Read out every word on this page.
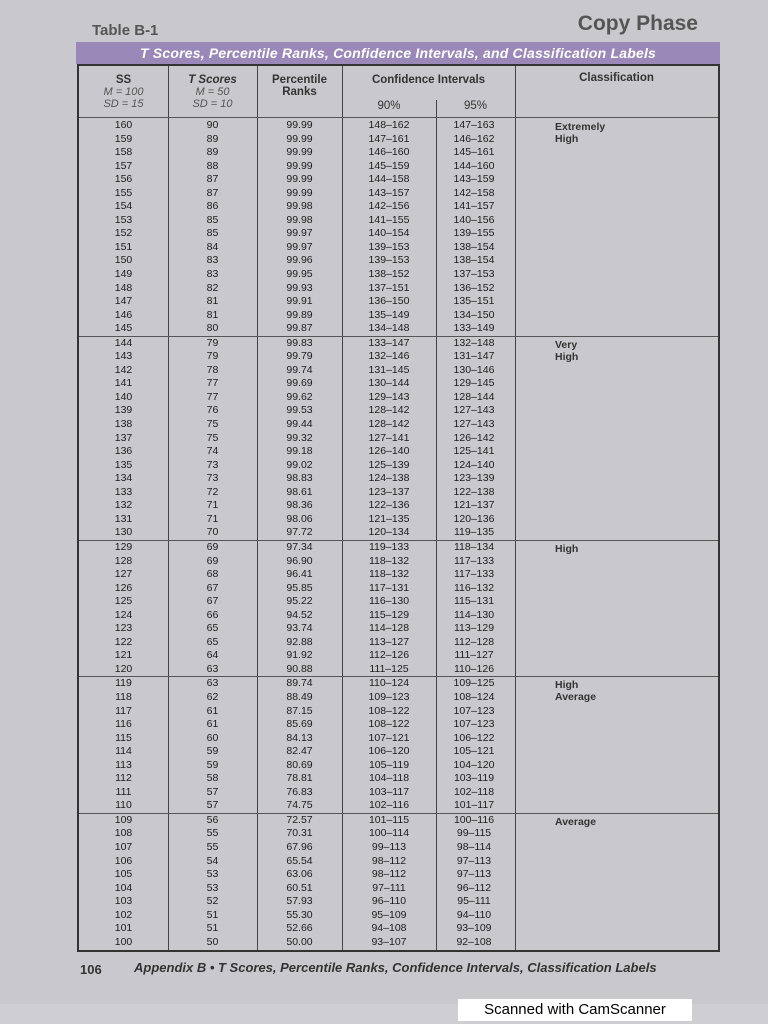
Table B-1	Copy Phase
T Scores, Percentile Ranks, Confidence Intervals, and Classification Labels
SS
M = 100
SD = 15
T Scores
M = 50
SD = 10
Percentile
Ranks
Confidence Intervals
90%	95%
Classification
160	90	99.99	148–162	147–163
159	89	99.99	147–161	146–162
158	89	99.99	146–160	145–161
157	88	99.99	145–159	144–160
156	87	99.99	144–158	143–159
155	87	99.99	143–157	142–158
154	86	99.98	142–156	141–157
153	85	99.98	141–155	140–156
152	85	99.97	140–154	139–155
151	84	99.97	139–153	138–154
150	83	99.96	139–153	138–154
149	83	99.95	138–152	137–153
148	82	99.93	137–151	136–152
147	81	99.91	136–150	135–151
146	81	99.89	135–149	134–150
145	80	99.87	134–148	133–149
Extremely
High
144	79	99.83	133–147	132–148
143	79	99.79	132–146	131–147
142	78	99.74	131–145	130–146
141	77	99.69	130–144	129–145
140	77	99.62	129–143	128–144
139	76	99.53	128–142	127–143
138	75	99.44	128–142	127–143
137	75	99.32	127–141	126–142
136	74	99.18	126–140	125–141
135	73	99.02	125–139	124–140
134	73	98.83	124–138	123–139
133	72	98.61	123–137	122–138
132	71	98.36	122–136	121–137
131	71	98.06	121–135	120–136
130	70	97.72	120–134	119–135
Very
High
129	69	97.34	119–133	118–134
128	69	96.90	118–132	117–133
127	68	96.41	118–132	117–133
126	67	95.85	117–131	116–132
125	67	95.22	116–130	115–131
124	66	94.52	115–129	114–130
123	65	93.74	114–128	113–129
122	65	92.88	113–127	112–128
121	64	91.92	112–126	111–127
120	63	90.88	111–125	110–126
High
119	63	89.74	110–124	109–125
118	62	88.49	109–123	108–124
117	61	87.15	108–122	107–123
116	61	85.69	108–122	107–123
115	60	84.13	107–121	106–122
114	59	82.47	106–120	105–121
113	59	80.69	105–119	104–120
112	58	78.81	104–118	103–119
111	57	76.83	103–117	102–118
110	57	74.75	102–116	101–117
High
Average
109	56	72.57	101–115	100–116
108	55	70.31	100–114	99–115
107	55	67.96	99–113	98–114
106	54	65.54	98–112	97–113
105	53	63.06	98–112	97–113
104	53	60.51	97–111	96–112
103	52	57.93	96–110	95–111
102	51	55.30	95–109	94–110
101	51	52.66	94–108	93–109
100	50	50.00	93–107	92–108
Average
106 Appendix B • T Scores, Percentile Ranks, Confidence Intervals, Classification Labels
Scanned with CamScanner
